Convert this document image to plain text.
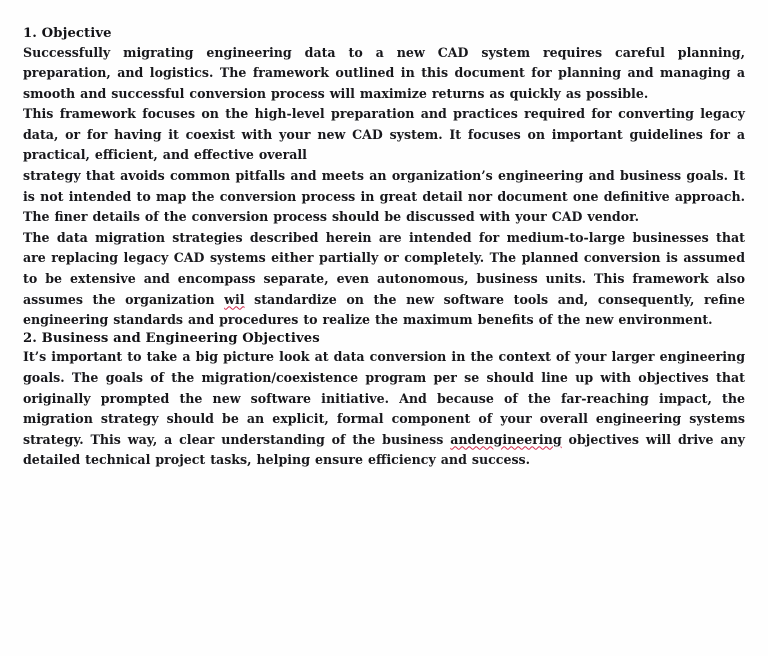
1. Objective

Successfully migrating engineering data to a new CAD system requires careful planning, preparation, and logistics. The framework outlined in this document for planning and managing a smooth and successful conversion process will maximize returns as quickly as possible.

This framework focuses on the high-level preparation and practices required for converting legacy data, or for having it coexist with your new CAD system. It focuses on important guidelines for a practical, efficient, and effective overall

strategy that avoids common pitfalls and meets an organization’s engineering and business goals. It is not intended to map the conversion process in great detail nor document one definitive approach. The finer details of the conversion process should be discussed with your CAD vendor.

The data migration strategies described herein are intended for medium-to-large businesses that are replacing legacy CAD systems either partially or completely. The planned conversion is assumed to be extensive and encompass separate, even autonomous, business units. This framework also assumes the organization wil standardize on the new software tools and, consequently, refine engineering standards and procedures to realize the maximum benefits of the new environment.

2. Business and Engineering Objectives

It’s important to take a big picture look at data conversion in the context of your larger engineering goals. The goals of the migration/coexistence program per se should line up with objectives that originally prompted the new software initiative. And because of the far-reaching impact, the migration strategy should be an explicit, formal component of your overall engineering systems strategy. This way, a clear understanding of the business andengineering objectives will drive any detailed technical project tasks, helping ensure efficiency and success.
